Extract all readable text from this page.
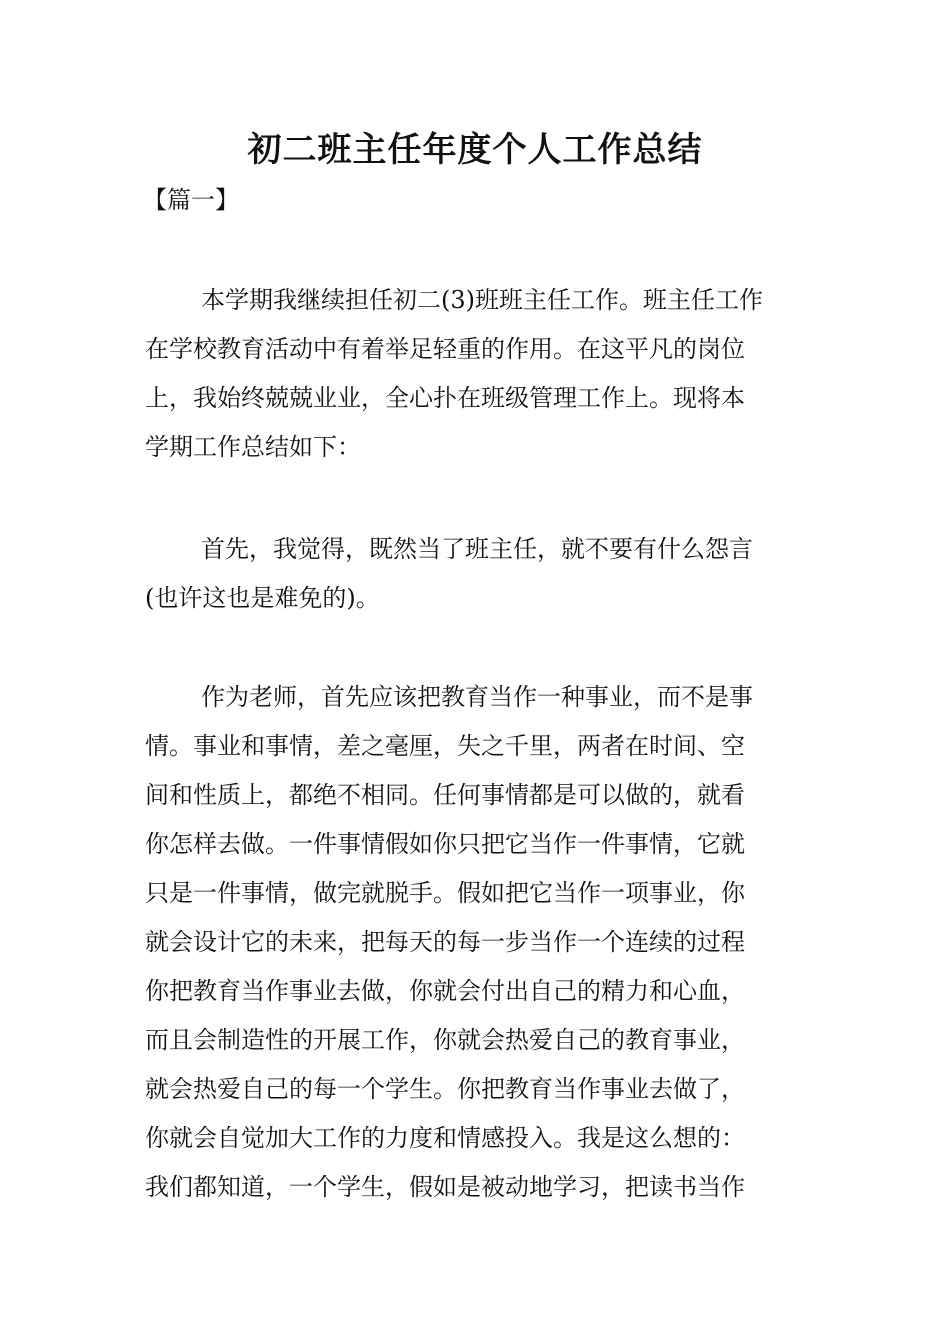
初二班主任年度个人工作总结
【篇一】
本学期我继续担任初二(3)班班主任工作。班主任工作
在学校教育活动中有着举足轻重的作用。在这平凡的岗位
上，我始终兢兢业业，全心扑在班级管理工作上。现将本
学期工作总结如下：
首先，我觉得，既然当了班主任，就不要有什么怨言
(也许这也是难免的)。
作为老师，首先应该把教育当作一种事业，而不是事
情。事业和事情，差之毫厘，失之千里，两者在时间、空
间和性质上，都绝不相同。任何事情都是可以做的，就看
你怎样去做。一件事情假如你只把它当作一件事情，它就
只是一件事情，做完就脱手。假如把它当作一项事业，你
就会设计它的未来，把每天的每一步当作一个连续的过程
你把教育当作事业去做，你就会付出自己的精力和心血，
而且会制造性的开展工作，你就会热爱自己的教育事业，
就会热爱自己的每一个学生。你把教育当作事业去做了，
你就会自觉加大工作的力度和情感投入。我是这么想的：
我们都知道，一个学生，假如是被动地学习，把读书当作
